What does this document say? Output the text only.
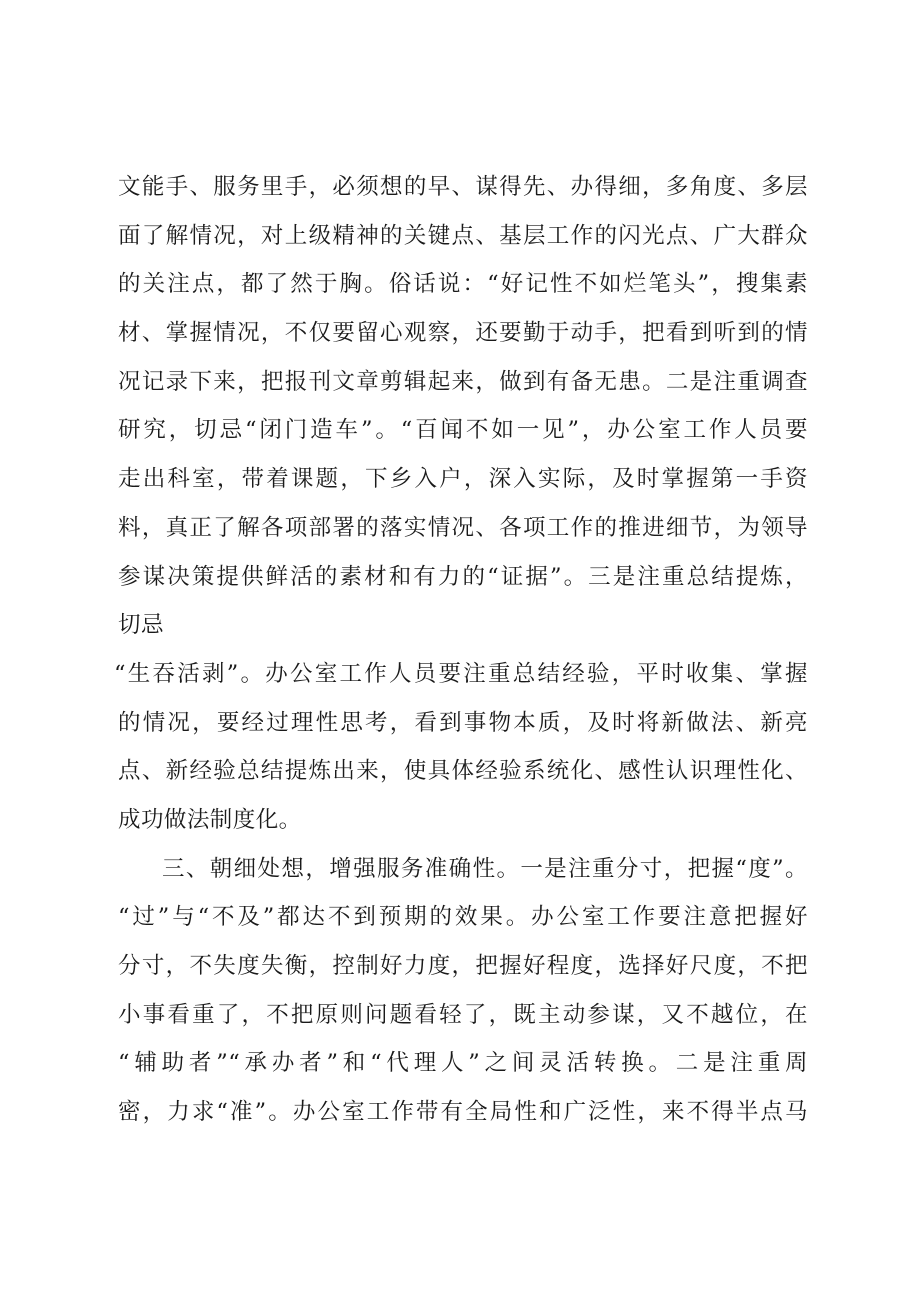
文能手、服务里手，必须想的早、谋得先、办得细，多角度、多层
面了解情况，对上级精神的关键点、基层工作的闪光点、广大群众
的关注点，都了然于胸。俗话说：“好记性不如烂笔头”，搜集素
材、掌握情况，不仅要留心观察，还要勤于动手，把看到听到的情
况记录下来，把报刊文章剪辑起来，做到有备无患。二是注重调查
研究，切忌“闭门造车”。“百闻不如一见”，办公室工作人员要
走出科室，带着课题，下乡入户，深入实际，及时掌握第一手资
料，真正了解各项部署的落实情况、各项工作的推进细节，为领导
参谋决策提供鲜活的素材和有力的“证据”。三是注重总结提炼，
切忌
“生吞活剥”。办公室工作人员要注重总结经验，平时收集、掌握
的情况，要经过理性思考，看到事物本质，及时将新做法、新亮
点、新经验总结提炼出来，使具体经验系统化、感性认识理性化、
成功做法制度化。
三、朝细处想，增强服务准确性。一是注重分寸，把握“度”。
“过”与“不及”都达不到预期的效果。办公室工作要注意把握好
分寸，不失度失衡，控制好力度，把握好程度，选择好尺度，不把
小事看重了，不把原则问题看轻了，既主动参谋，又不越位，在
“辅助者”“承办者”和“代理人”之间灵活转换。二是注重周
密，力求“准”。办公室工作带有全局性和广泛性，来不得半点马
